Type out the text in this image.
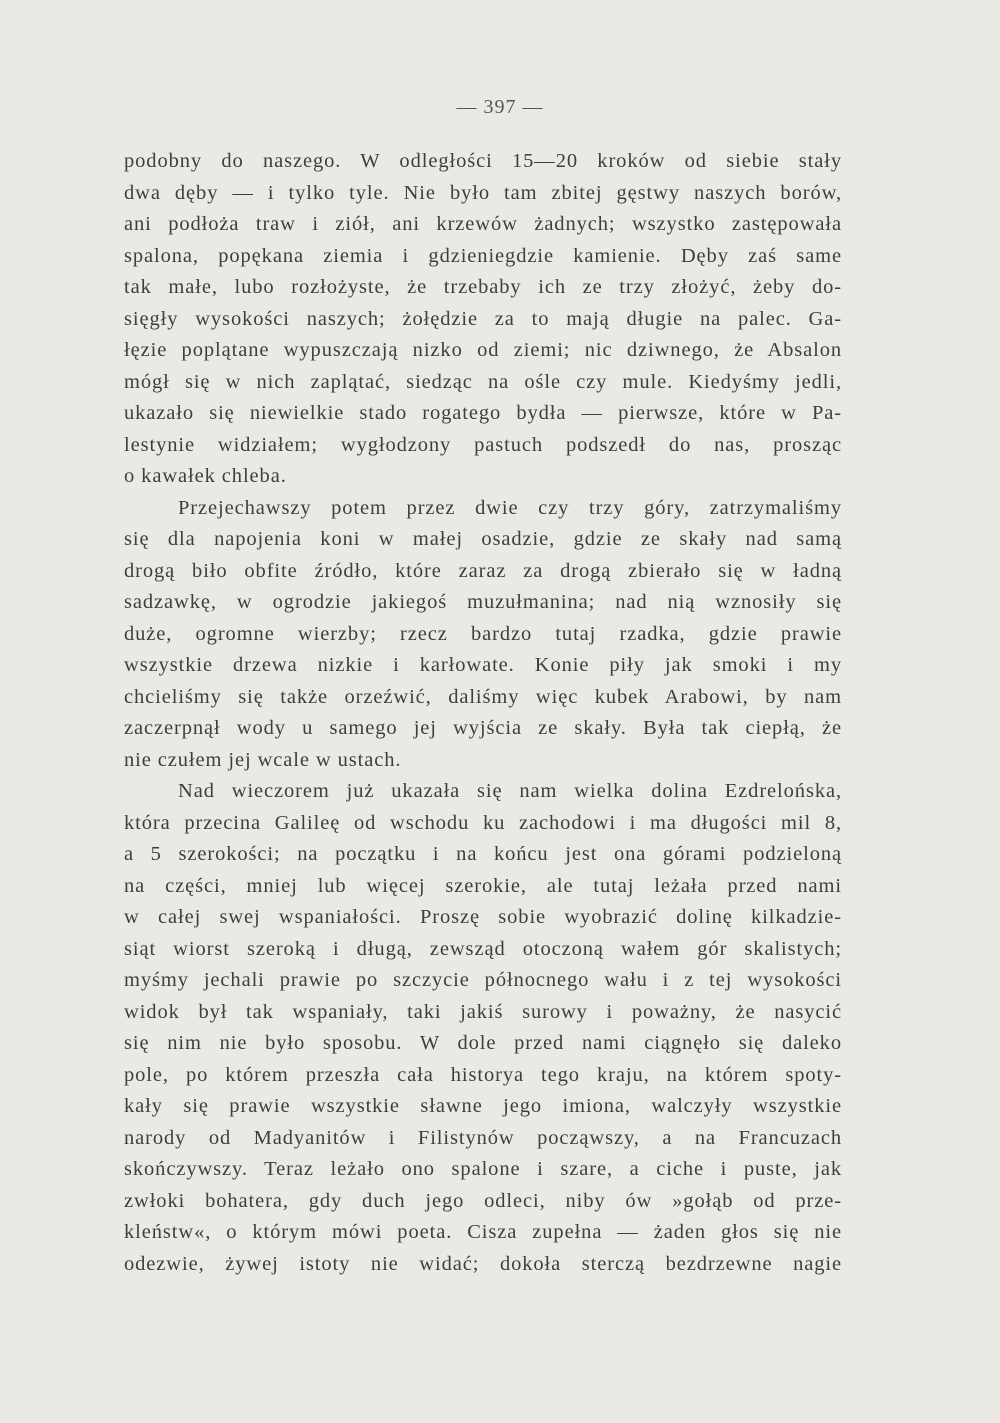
— 397 —
podobny do naszego. W odległości 15—20 kroków od siebie stały
dwa dęby — i tylko tyle. Nie było tam zbitej gęstwy naszych borów,
ani podłoża traw i ziół, ani krzewów żadnych; wszystko zastępowała
spalona, popękana ziemia i gdzieniegdzie kamienie. Dęby zaś same
tak małe, lubo rozłożyste, że trzebaby ich ze trzy złożyć, żeby do-
sięgły wysokości naszych; żołędzie za to mają długie na palec. Ga-
łęzie poplątane wypuszczają nizko od ziemi; nic dziwnego, że Absalon
mógł się w nich zaplątać, siedząc na ośle czy mule. Kiedyśmy jedli,
ukazało się niewielkie stado rogatego bydła — pierwsze, które w Pa-
lestynie widziałem; wygłodzony pastuch podszedł do nas, prosząc
o kawałek chleba.
Przejechawszy potem przez dwie czy trzy góry, zatrzymaliśmy
się dla napojenia koni w małej osadzie, gdzie ze skały nad samą
drogą biło obfite źródło, które zaraz za drogą zbierało się w ładną
sadzawkę, w ogrodzie jakiegoś muzułmanina; nad nią wznosiły się
duże, ogromne wierzby; rzecz bardzo tutaj rzadka, gdzie prawie
wszystkie drzewa nizkie i karłowate. Konie piły jak smoki i my
chcieliśmy się także orzeźwić, daliśmy więc kubek Arabowi, by nam
zaczerpnął wody u samego jej wyjścia ze skały. Była tak ciepłą, że
nie czułem jej wcale w ustach.
Nad wieczorem już ukazała się nam wielka dolina Ezdrelońska,
która przecina Galileę od wschodu ku zachodowi i ma długości mil 8,
a 5 szerokości; na początku i na końcu jest ona górami podzieloną
na części, mniej lub więcej szerokie, ale tutaj leżała przed nami
w całej swej wspaniałości. Proszę sobie wyobrazić dolinę kilkadzie-
siąt wiorst szeroką i długą, zewsząd otoczoną wałem gór skalistych;
myśmy jechali prawie po szczycie północnego wału i z tej wysokości
widok był tak wspaniały, taki jakiś surowy i poważny, że nasycić
się nim nie było sposobu. W dole przed nami ciągnęło się daleko
pole, po którem przeszła cała historya tego kraju, na którem spoty-
kały się prawie wszystkie sławne jego imiona, walczyły wszystkie
narody od Madyanitów i Filistynów począwszy, a na Francuzach
skończywszy. Teraz leżało ono spalone i szare, a ciche i puste, jak
zwłoki bohatera, gdy duch jego odleci, niby ów »gołąb od prze-
kleństw«, o którym mówi poeta. Cisza zupełna — żaden głos się nie
odezwie, żywej istoty nie widać; dokoła sterczą bezdrzewne nagie
